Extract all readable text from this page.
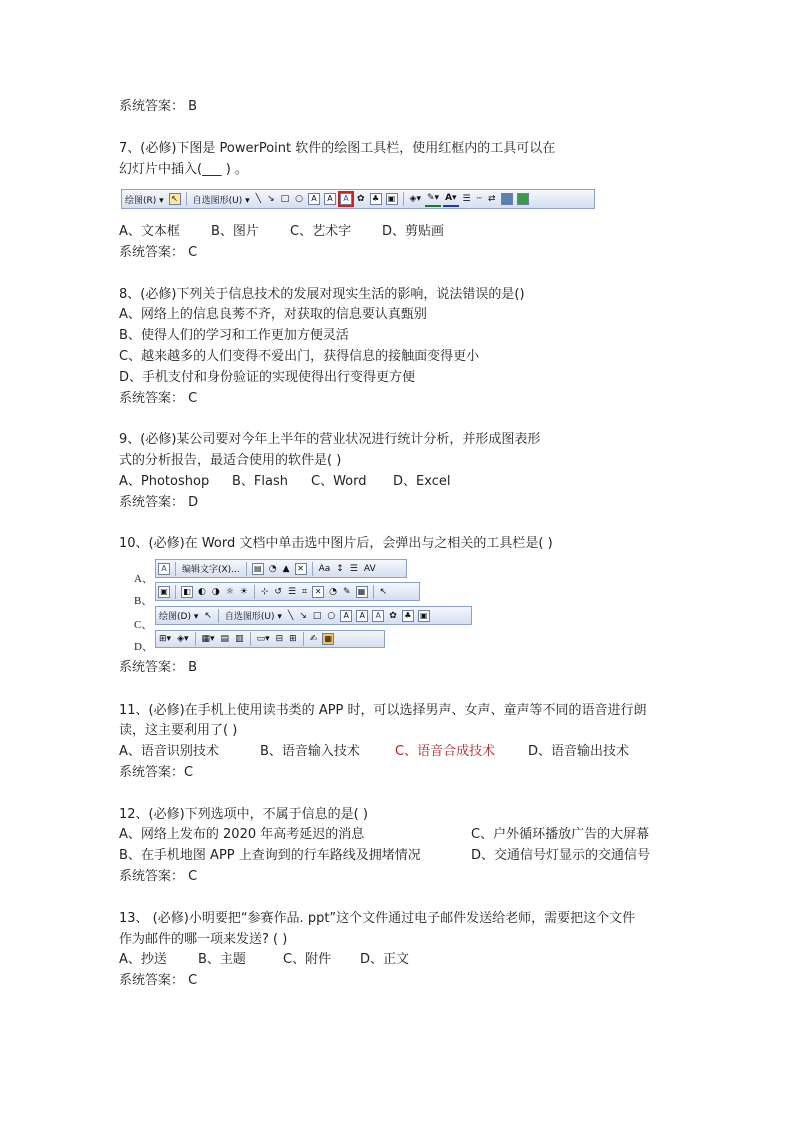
系统答案： B
7、(必修)下图是 PowerPoint 软件的绘图工具栏，使用红框内的工具可以在
幻灯片中插入(___ ) 。
绘图(R) ▾ ↖ 自选图形(U) ▾ ╲ ↘ □ ○	A	A	A ✿ ♣	▣ ◈▾ ✎▾ A▾ ☰ ┄ ⇄
A、文本框 B、图片 C、艺术字 D、剪贴画
系统答案： C
8、(必修)下列关于信息技术的发展对现实生活的影响，说法错误的是()
A、网络上的信息良莠不齐，对获取的信息要认真甄别
B、使得人们的学习和工作更加方便灵活
C、越来越多的人们变得不爱出门，获得信息的接触面变得更小
D、手机支付和身份验证的实现使得出行变得更方便
系统答案： C
9、(必修)某公司要对今年上半年的营业状况进行统计分析，并形成图表形
式的分析报告，最适合使用的软件是( )
A、Photoshop B、Flash C、Word D、Excel
系统答案： D
10、(必修)在 Word 文档中单击选中图片后，会弹出与之相关的工具栏是( )
A、
B、
C、
D、
A	编辑文字(X)... ▤ ◔ ▲ ✕ Aa ↕ ☰ AV
▣ ◧ ◐ ◑ ☼ ☀ ⊹ ↺ ☰ ⌗ ✕ ◔ ✎ ▦ ↖
绘图(D) ▾ ↖ 自选图形(U) ▾ ╲ ↘ □ ○	A	A	A ✿ ♣	▣
⊞▾ ◈▾ ▦▾ ▤ ▥ ▭▾ ⊟ ⊞ ✍ ▦
系统答案： B
11、(必修)在手机上使用读书类的 APP 时，可以选择男声、女声、童声等不同的语音进行朗
读，这主要利用了( )
A、语音识别技术	B、语音输入技术	C、语音合成技术	D、语音输出技术
系统答案：C
12、(必修)下列选项中，不属于信息的是( )
A、网络上发布的 2020 年高考延迟的消息	C、户外循环播放广告的大屏幕
B、在手机地图 APP 上查询到的行车路线及拥堵情况	D、交通信号灯显示的交通信号
系统答案： C
13、 (必修)小明要把“参赛作品. ppt”这个文件通过电子邮件发送给老师，需要把这个文件
作为邮件的哪一项来发送? ( )
A、抄送 B、主题	C、附件 D、正文
系统答案： C
